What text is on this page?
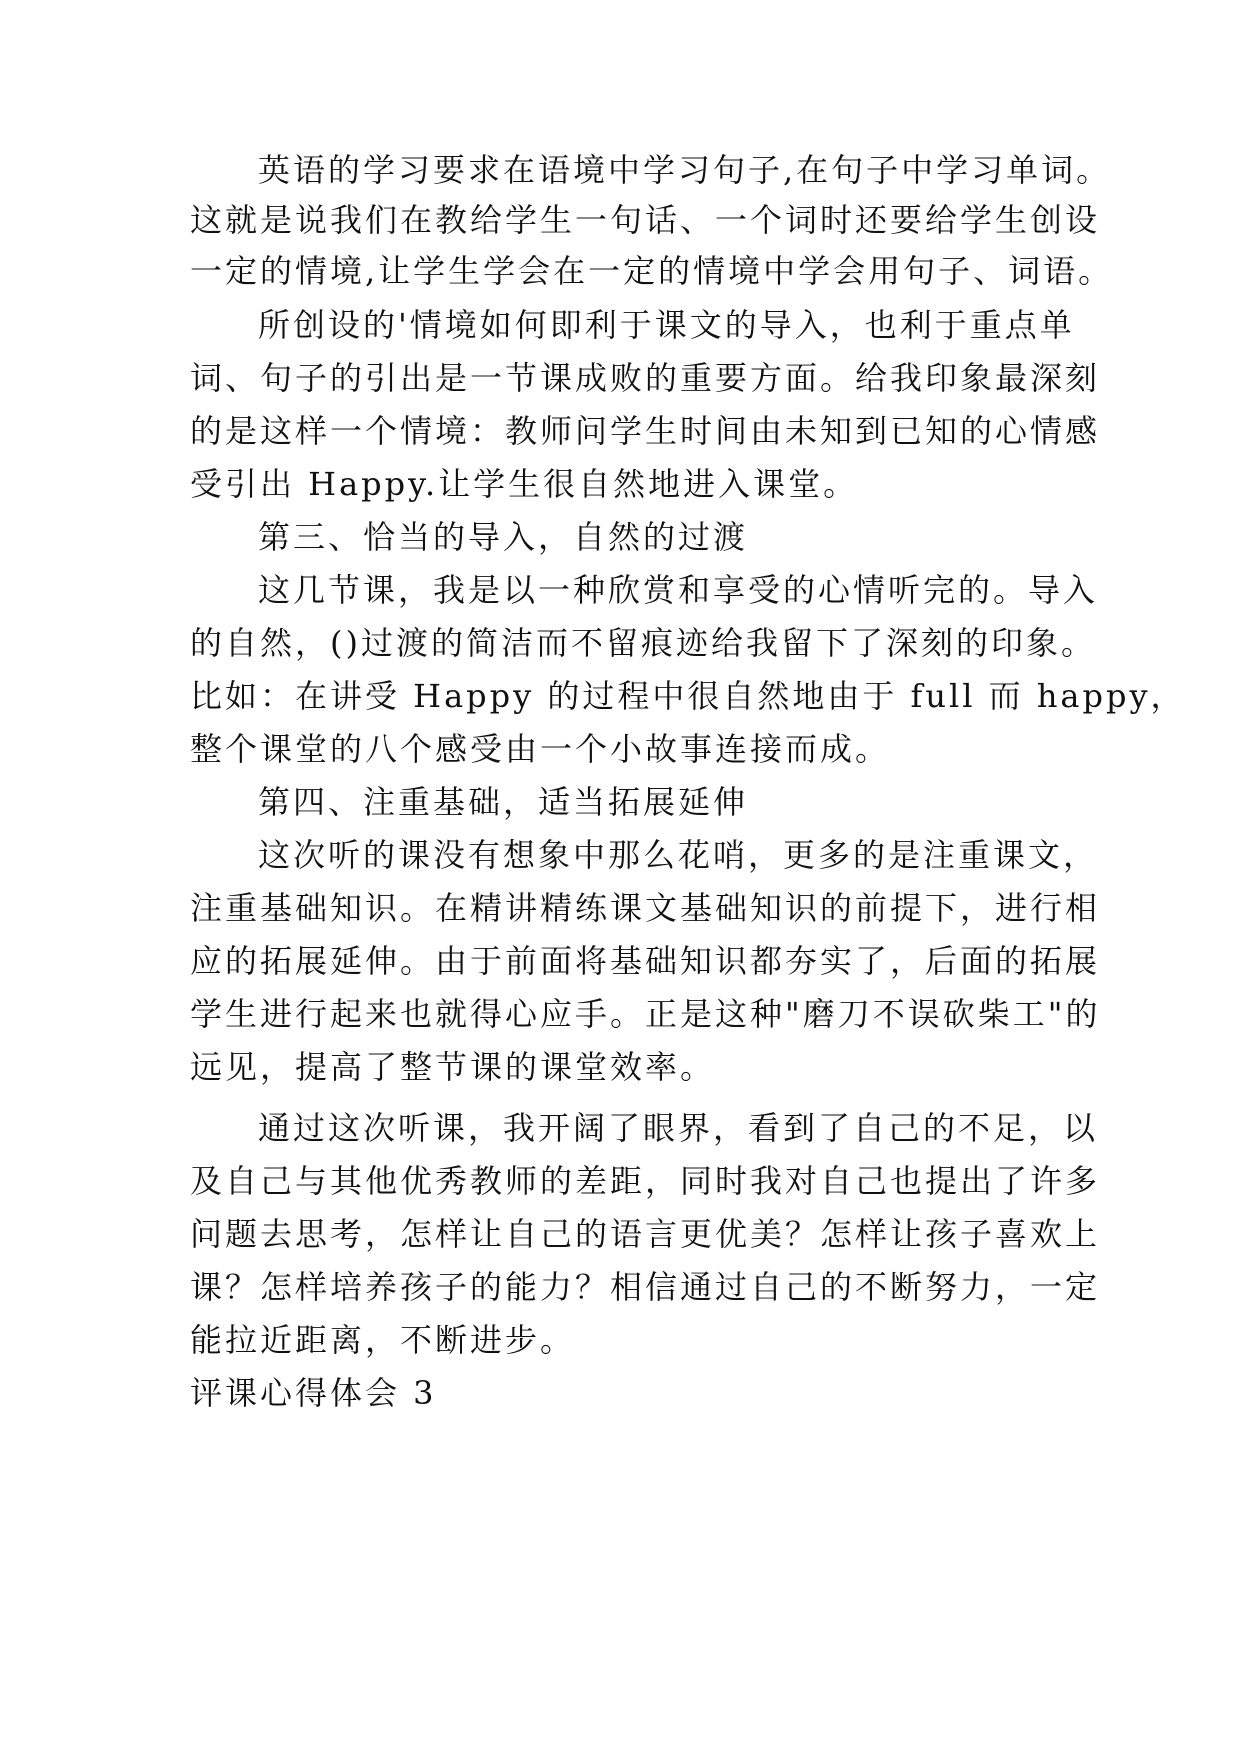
英语的学习要求在语境中学习句子,在句子中学习单词。
这就是说我们在教给学生一句话、一个词时还要给学生创设
一定的情境,让学生学会在一定的情境中学会用句子、词语。
所创设的'情境如何即利于课文的导入，也利于重点单
词、句子的引出是一节课成败的重要方面。给我印象最深刻
的是这样一个情境：教师问学生时间由未知到已知的心情感
受引出 Happy.让学生很自然地进入课堂。
第三、恰当的导入，自然的过渡
这几节课，我是以一种欣赏和享受的心情听完的。导入
的自然，()过渡的简洁而不留痕迹给我留下了深刻的印象。
比如：在讲受 Happy 的过程中很自然地由于 full 而 happy，
整个课堂的八个感受由一个小故事连接而成。
第四、注重基础，适当拓展延伸
这次听的课没有想象中那么花哨，更多的是注重课文，
注重基础知识。在精讲精练课文基础知识的前提下，进行相
应的拓展延伸。由于前面将基础知识都夯实了，后面的拓展
学生进行起来也就得心应手。正是这种"磨刀不误砍柴工"的
远见，提高了整节课的课堂效率。
通过这次听课，我开阔了眼界，看到了自己的不足，以
及自己与其他优秀教师的差距，同时我对自己也提出了许多
问题去思考，怎样让自己的语言更优美？怎样让孩子喜欢上
课？怎样培养孩子的能力？相信通过自己的不断努力，一定
能拉近距离，不断进步。
评课心得体会 3
